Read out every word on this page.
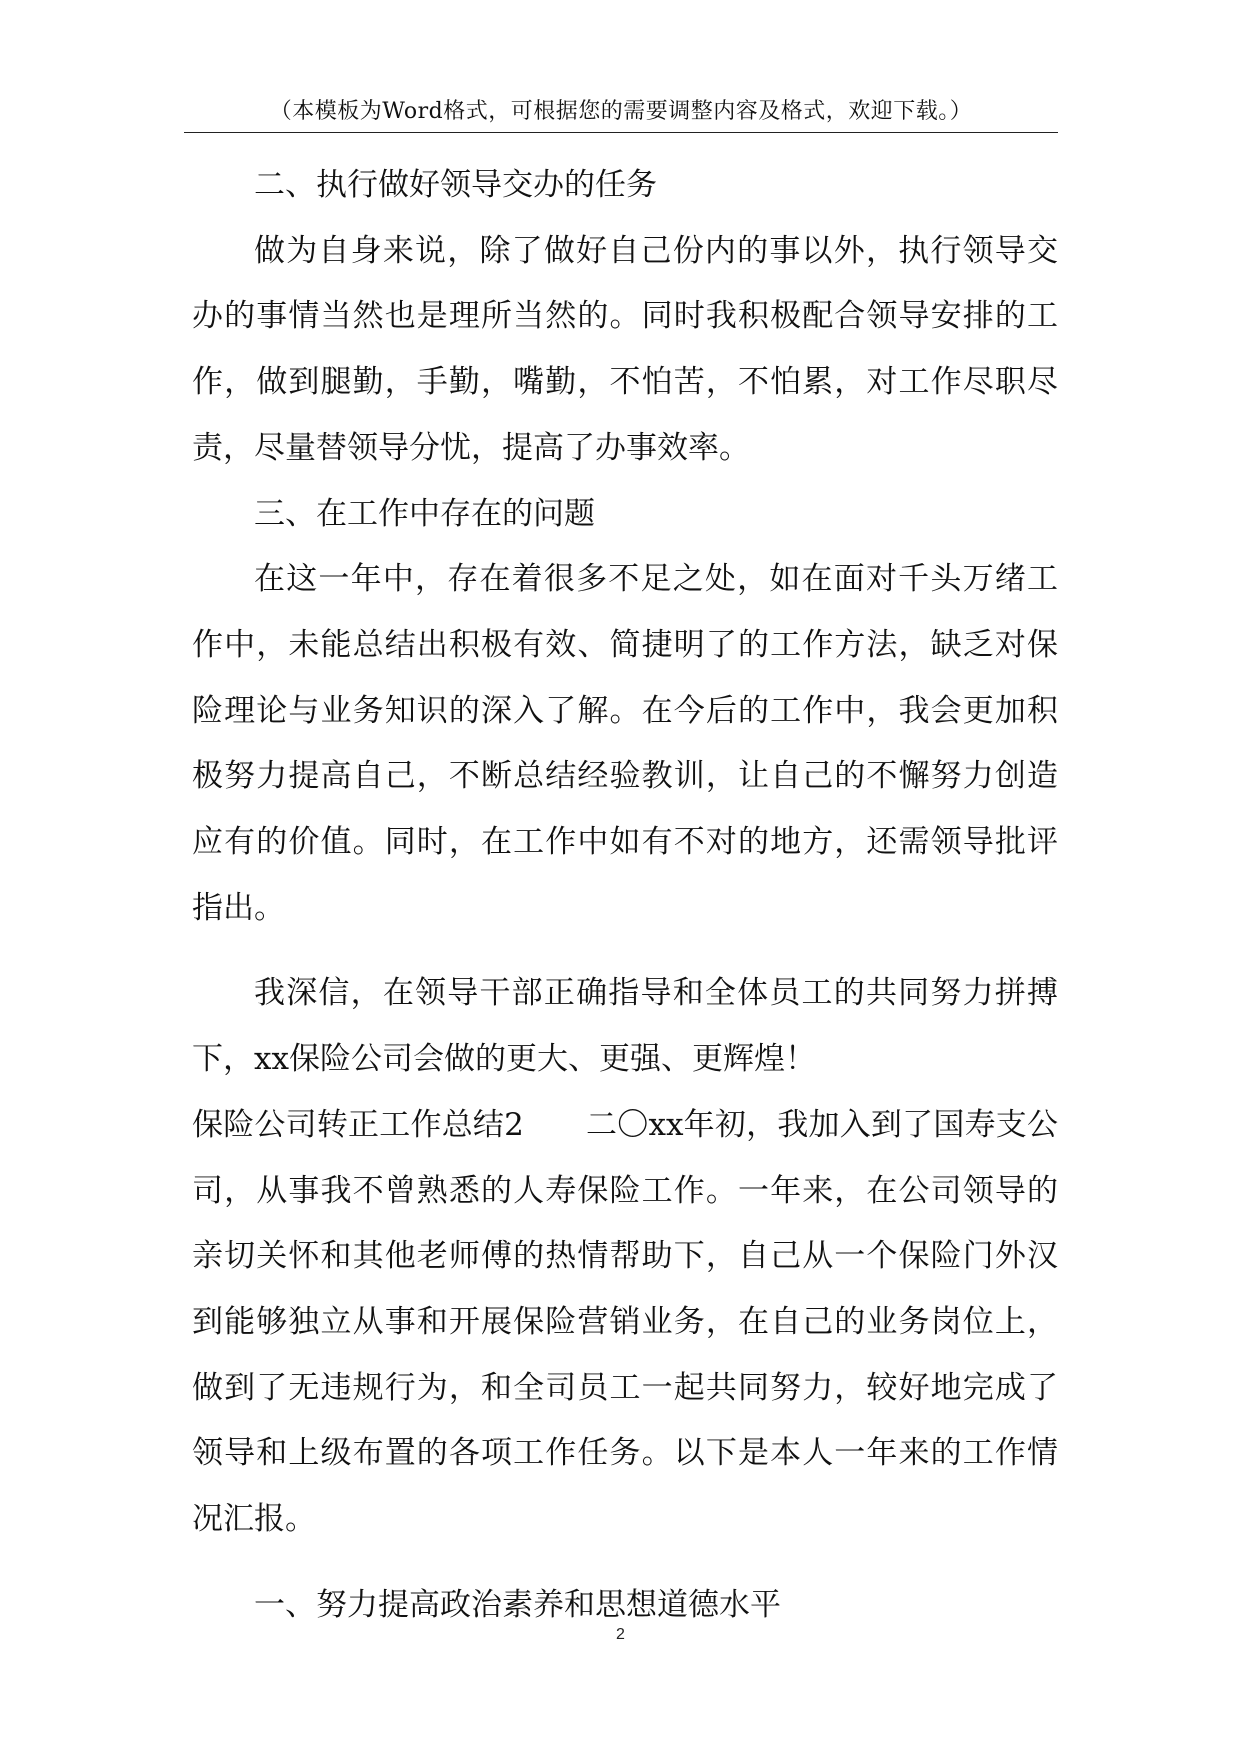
（本模板为Word格式，可根据您的需要调整内容及格式，欢迎下载。）

二、执行做好领导交办的任务

做为自身来说，除了做好自己份内的事以外，执行领导交办的事情当然也是理所当然的。同时我积极配合领导安排的工作，做到腿勤，手勤，嘴勤，不怕苦，不怕累，对工作尽职尽责，尽量替领导分忧，提高了办事效率。

三、在工作中存在的问题

在这一年中，存在着很多不足之处，如在面对千头万绪工作中，未能总结出积极有效、简捷明了的工作方法，缺乏对保险理论与业务知识的深入了解。在今后的工作中，我会更加积极努力提高自己，不断总结经验教训，让自己的不懈努力创造应有的价值。同时，在工作中如有不对的地方，还需领导批评指出。

我深信，在领导干部正确指导和全体员工的共同努力拼搏下，xx保险公司会做的更大、更强、更辉煌！

保险公司转正工作总结2 二〇xx年初，我加入到了国寿支公司，从事我不曾熟悉的人寿保险工作。一年来，在公司领导的亲切关怀和其他老师傅的热情帮助下，自己从一个保险门外汉到能够独立从事和开展保险营销业务，在自己的业务岗位上，做到了无违规行为，和全司员工一起共同努力，较好地完成了领导和上级布置的各项工作任务。以下是本人一年来的工作情况汇报。

一、努力提高政治素养和思想道德水平

2
